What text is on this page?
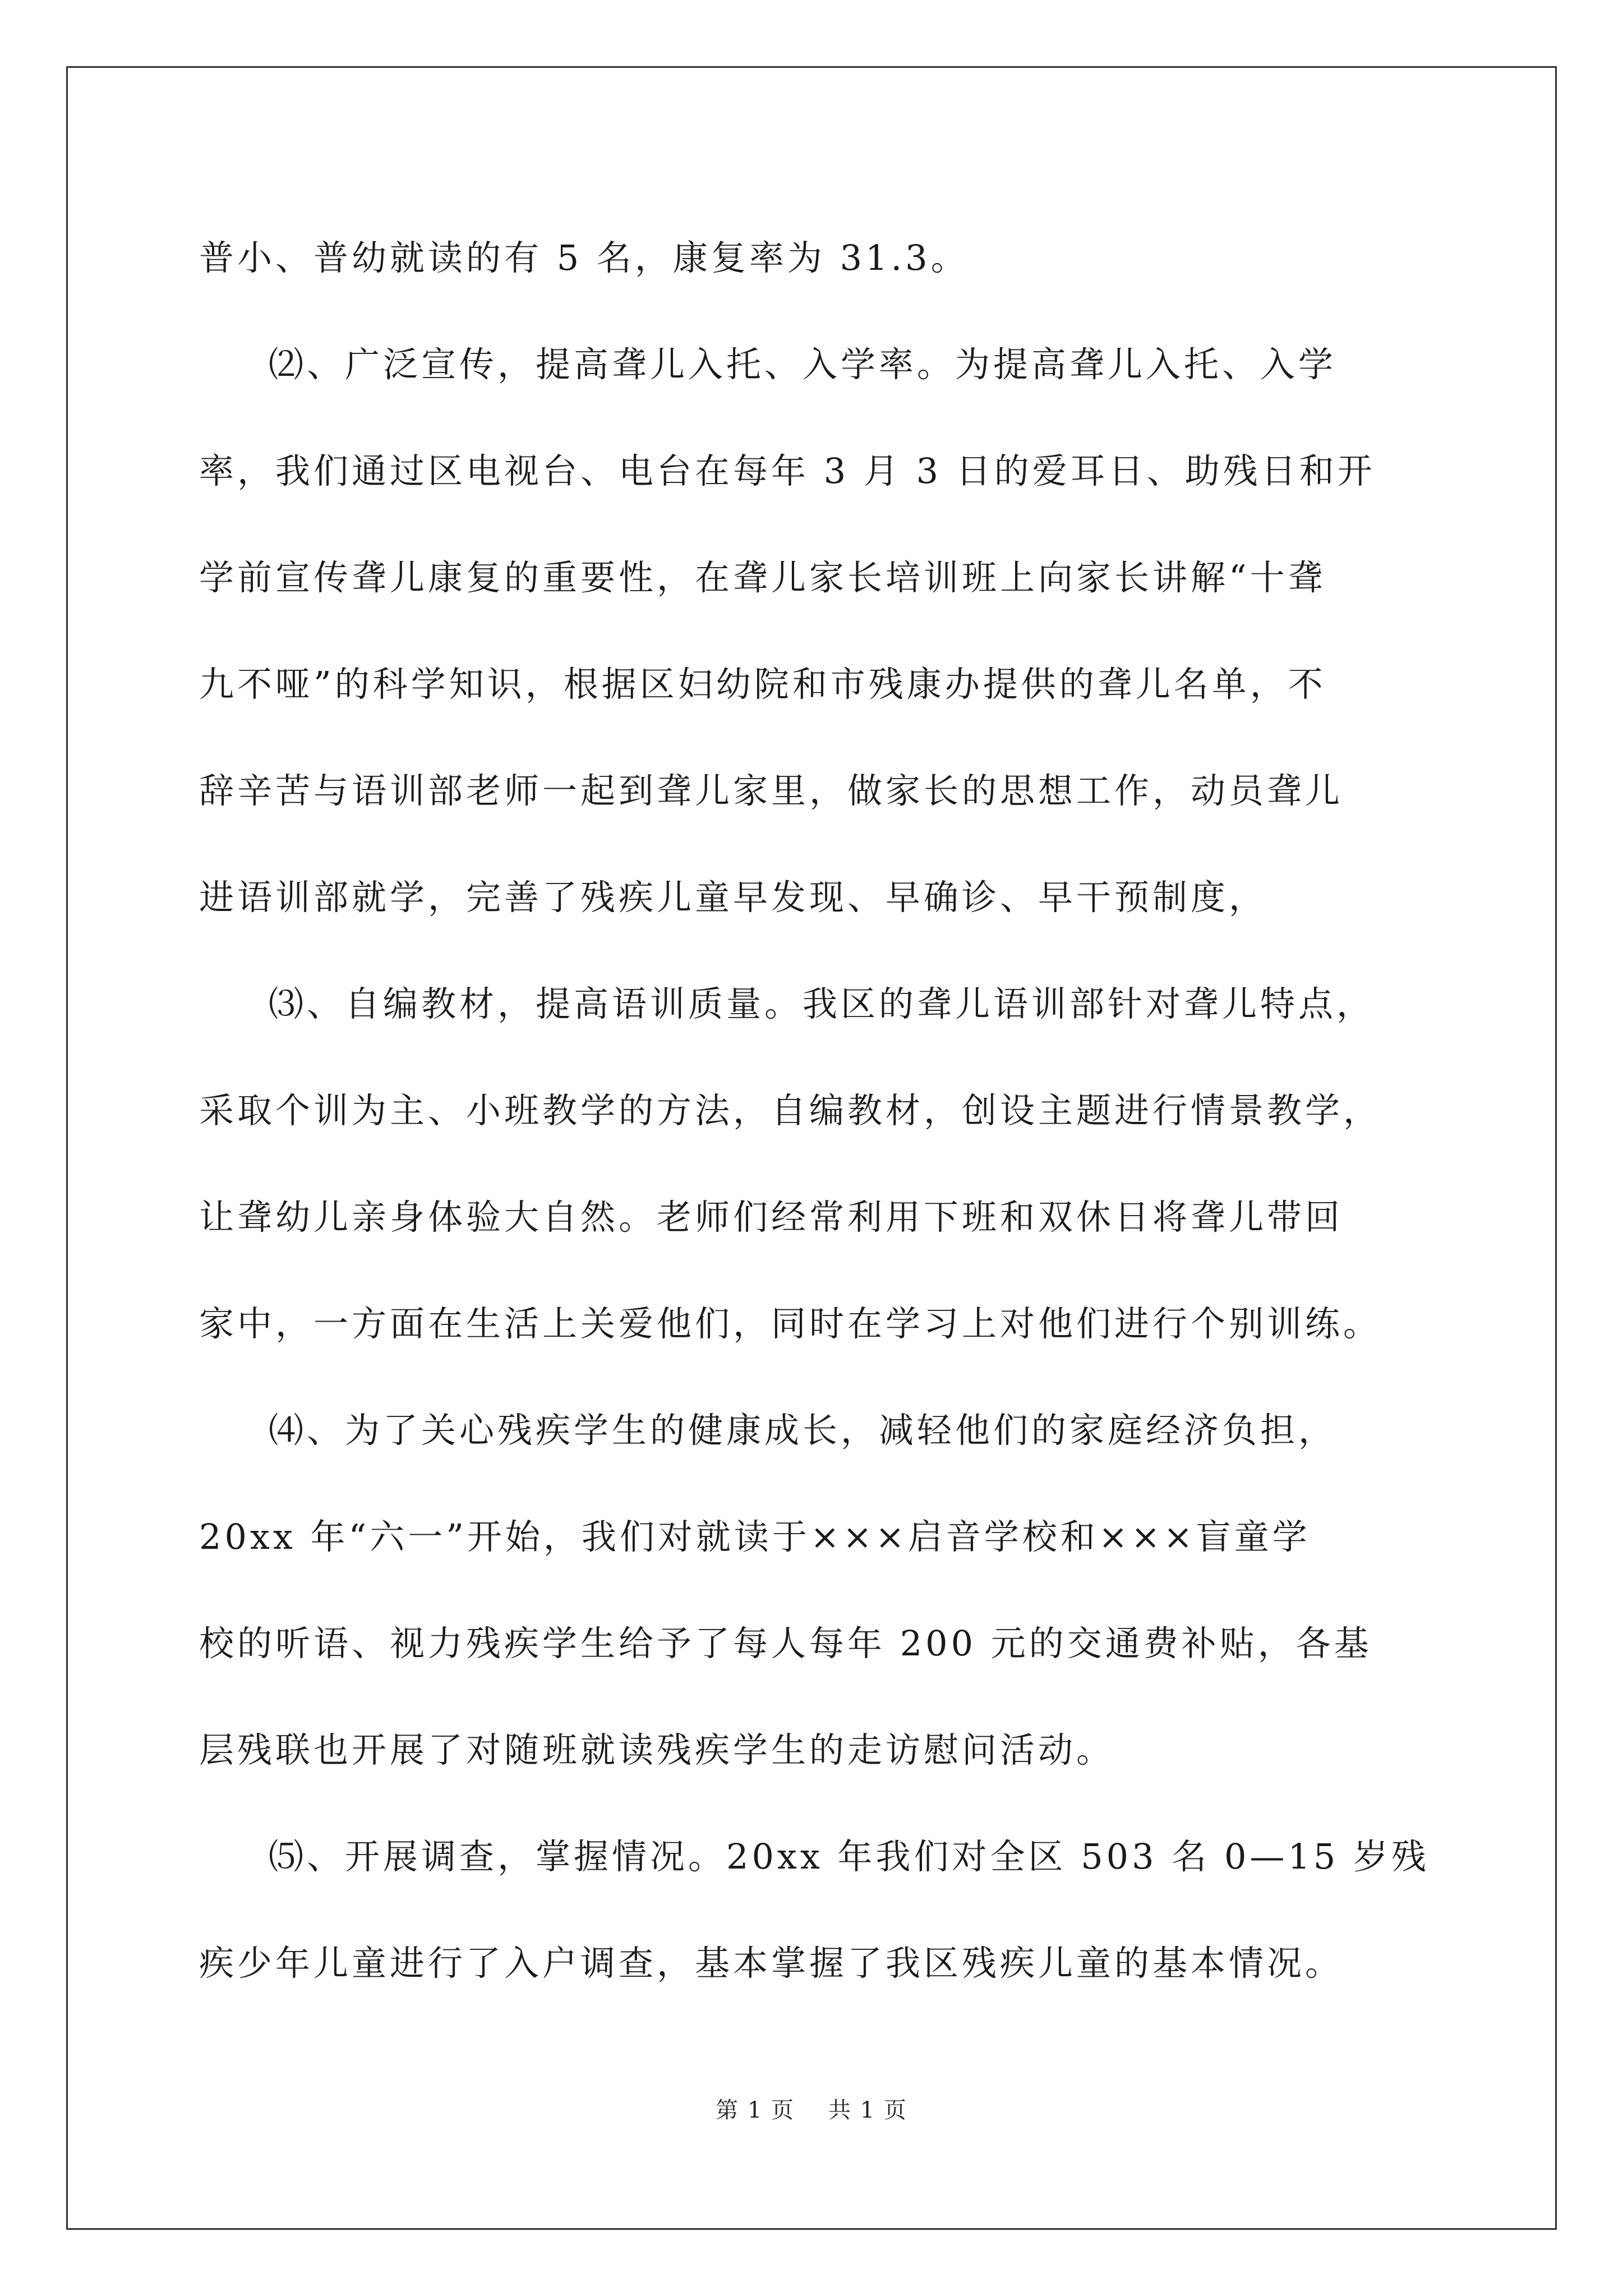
普小、普幼就读的有 5 名，康复率为 31.3。

⑵、广泛宣传，提高聋儿入托、入学率。为提高聋儿入托、入学
率，我们通过区电视台、电台在每年 3 月 3 日的爱耳日、助残日和开
学前宣传聋儿康复的重要性，在聋儿家长培训班上向家长讲解“十聋
九不哑”的科学知识，根据区妇幼院和市残康办提供的聋儿名单，不
辞辛苦与语训部老师一起到聋儿家里，做家长的思想工作，动员聋儿
进语训部就学，完善了残疾儿童早发现、早确诊、早干预制度，

⑶、自编教材，提高语训质量。我区的聋儿语训部针对聋儿特点，
采取个训为主、小班教学的方法，自编教材，创设主题进行情景教学，
让聋幼儿亲身体验大自然。老师们经常利用下班和双休日将聋儿带回
家中，一方面在生活上关爱他们，同时在学习上对他们进行个别训练。

⑷、为了关心残疾学生的健康成长，减轻他们的家庭经济负担，
20xx 年“六一”开始，我们对就读于×××启音学校和×××盲童学
校的听语、视力残疾学生给予了每人每年 200 元的交通费补贴，各基
层残联也开展了对随班就读残疾学生的走访慰问活动。

⑸、开展调查，掌握情况。20xx 年我们对全区 503 名 0—15 岁残
疾少年儿童进行了入户调查，基本掌握了我区残疾儿童的基本情况。

第 1 页 共 1 页
